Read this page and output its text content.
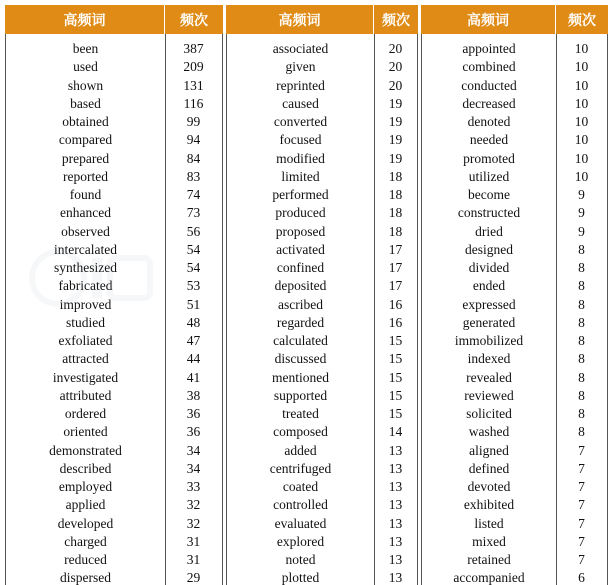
高频词	频次
been	387
used	209
shown	131
based	116
obtained	99
compared	94
prepared	84
reported	83
found	74
enhanced	73
observed	56
intercalated	54
synthesized	54
fabricated	53
improved	51
studied	48
exfoliated	47
attracted	44
investigated	41
attributed	38
ordered	36
oriented	36
demonstrated	34
described	34
employed	33
applied	32
developed	32
charged	31
reduced	31
dispersed	29
高频词	频次
associated	20
given	20
reprinted	20
caused	19
converted	19
focused	19
modified	19
limited	18
performed	18
produced	18
proposed	18
activated	17
confined	17
deposited	17
ascribed	16
regarded	16
calculated	15
discussed	15
mentioned	15
supported	15
treated	15
composed	14
added	13
centrifuged	13
coated	13
controlled	13
evaluated	13
explored	13
noted	13
plotted	13
高频词	频次
appointed	10
combined	10
conducted	10
decreased	10
denoted	10
needed	10
promoted	10
utilized	10
become	9
constructed	9
dried	9
designed	8
divided	8
ended	8
expressed	8
generated	8
immobilized	8
indexed	8
revealed	8
reviewed	8
solicited	8
washed	8
aligned	7
defined	7
devoted	7
exhibited	7
listed	7
mixed	7
retained	7
accompanied	6
